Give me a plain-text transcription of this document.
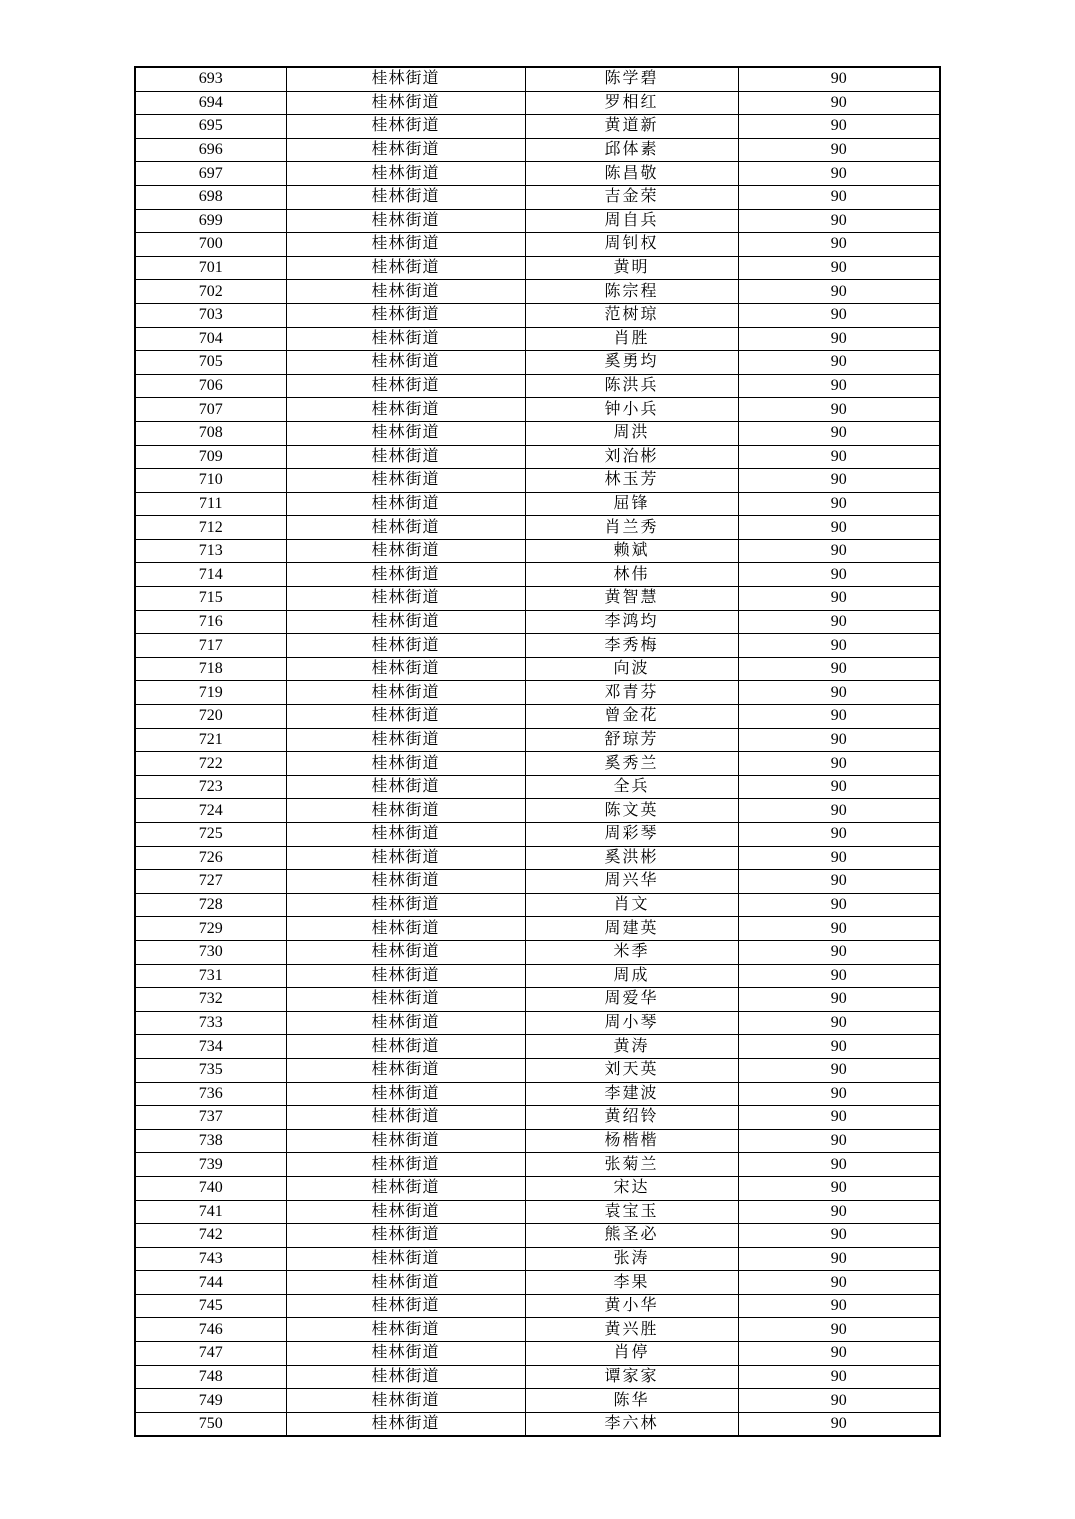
693	桂林街道	陈学碧	90
694	桂林街道	罗相红	90
695	桂林街道	黄道新	90
696	桂林街道	邱体素	90
697	桂林街道	陈昌敬	90
698	桂林街道	吉金荣	90
699	桂林街道	周自兵	90
700	桂林街道	周钊权	90
701	桂林街道	黄明	90
702	桂林街道	陈宗程	90
703	桂林街道	范树琼	90
704	桂林街道	肖胜	90
705	桂林街道	奚勇均	90
706	桂林街道	陈洪兵	90
707	桂林街道	钟小兵	90
708	桂林街道	周洪	90
709	桂林街道	刘治彬	90
710	桂林街道	林玉芳	90
711	桂林街道	屈锋	90
712	桂林街道	肖兰秀	90
713	桂林街道	赖斌	90
714	桂林街道	林伟	90
715	桂林街道	黄智慧	90
716	桂林街道	李鸿均	90
717	桂林街道	李秀梅	90
718	桂林街道	向波	90
719	桂林街道	邓青芬	90
720	桂林街道	曾金花	90
721	桂林街道	舒琼芳	90
722	桂林街道	奚秀兰	90
723	桂林街道	全兵	90
724	桂林街道	陈文英	90
725	桂林街道	周彩琴	90
726	桂林街道	奚洪彬	90
727	桂林街道	周兴华	90
728	桂林街道	肖文	90
729	桂林街道	周建英	90
730	桂林街道	米季	90
731	桂林街道	周成	90
732	桂林街道	周爱华	90
733	桂林街道	周小琴	90
734	桂林街道	黄涛	90
735	桂林街道	刘天英	90
736	桂林街道	李建波	90
737	桂林街道	黄绍铃	90
738	桂林街道	杨楷楷	90
739	桂林街道	张菊兰	90
740	桂林街道	宋达	90
741	桂林街道	袁宝玉	90
742	桂林街道	熊圣必	90
743	桂林街道	张涛	90
744	桂林街道	李果	90
745	桂林街道	黄小华	90
746	桂林街道	黄兴胜	90
747	桂林街道	肖停	90
748	桂林街道	谭家家	90
749	桂林街道	陈华	90
750	桂林街道	李六林	90
